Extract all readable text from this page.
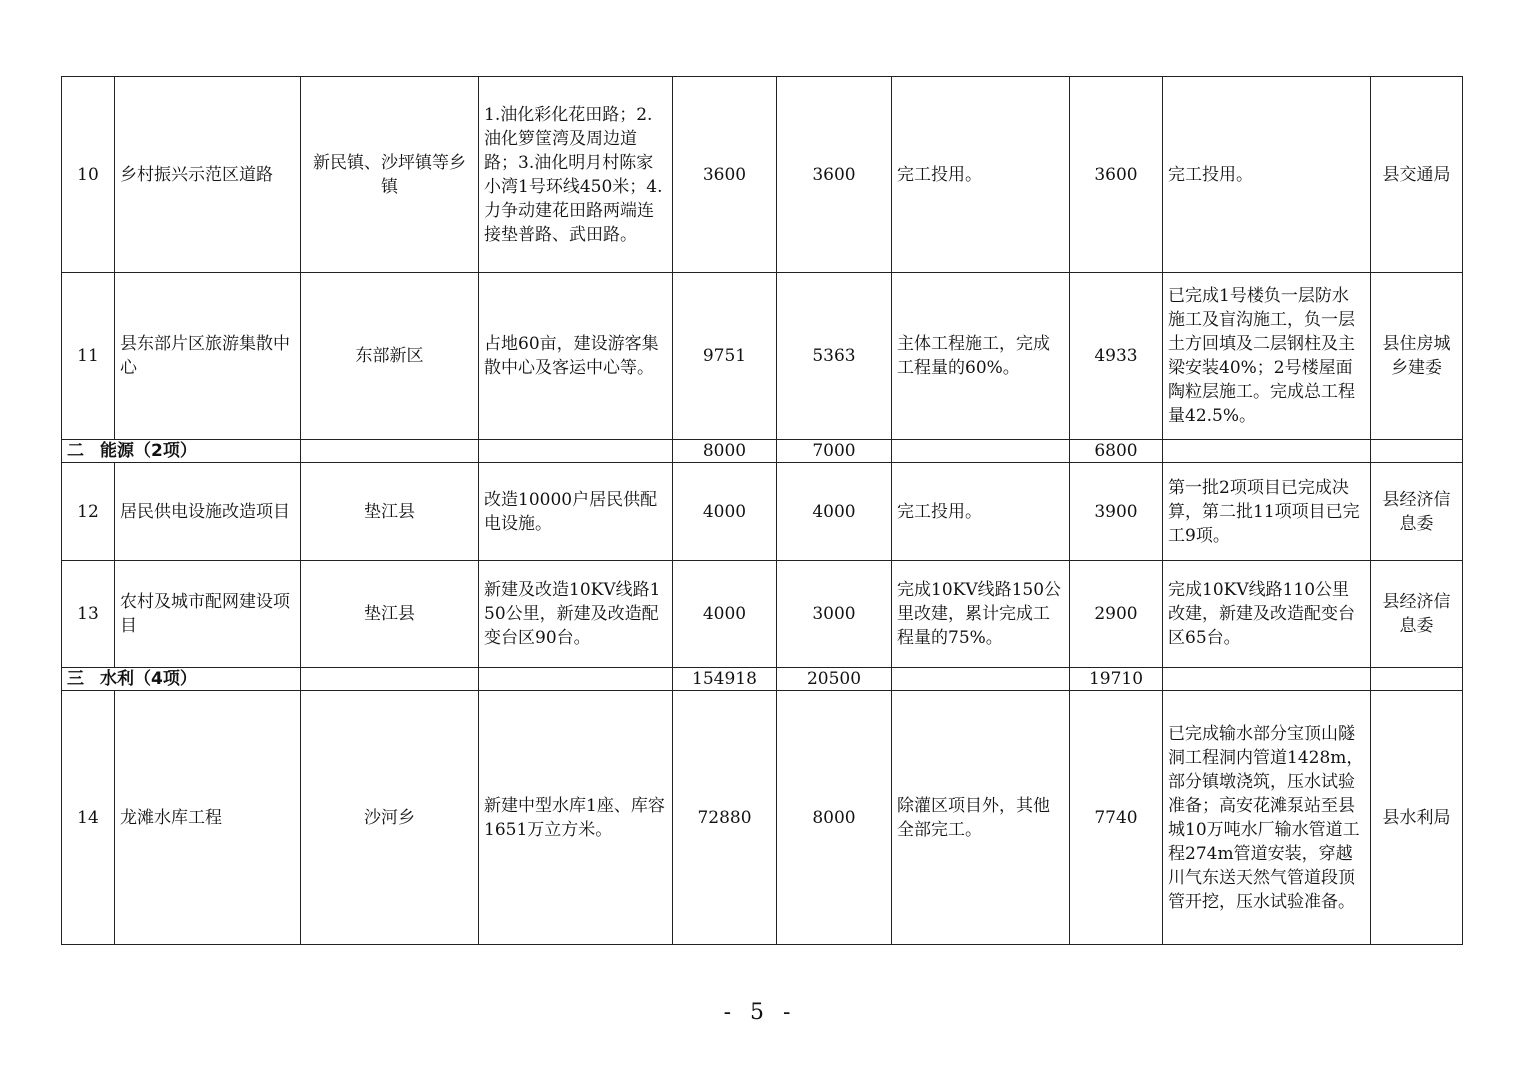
10	乡村振兴示范区道路	新民镇、沙坪镇等乡镇	1.油化彩化花田路；2.油化箩筐湾及周边道路；3.油化明月村陈家小湾1号环线450米；4.力争动建花田路两端连接垫普路、武田路。	3600	3600	完工投用。	3600	完工投用。	县交通局
11	县东部片区旅游集散中心	东部新区	占地60亩，建设游客集散中心及客运中心等。	9751	5363	主体工程施工，完成工程量的60%。	4933	已完成1号楼负一层防水施工及盲沟施工，负一层土方回填及二层钢柱及主梁安装40%；2号楼屋面陶粒层施工。完成总工程量42.5%。	县住房城乡建委
二 能源（2项）				8000	7000		6800		
12	居民供电设施改造项目	垫江县	改造10000户居民供配电设施。	4000	4000	完工投用。	3900	第一批2项项目已完成决算，第二批11项项目已完工9项。	县经济信息委
13	农村及城市配网建设项目	垫江县	新建及改造10KV线路150公里，新建及改造配变台区90台。	4000	3000	完成10KV线路150公里改建，累计完成工程量的75%。	2900	完成10KV线路110公里改建，新建及改造配变台区65台。	县经济信息委
三 水利（4项）				154918	20500		19710		
14	龙滩水库工程	沙河乡	新建中型水库1座、库容1651万立方米。	72880	8000	除灌区项目外，其他全部完工。	7740	已完成输水部分宝顶山隧洞工程洞内管道1428m，部分镇墩浇筑，压水试验准备；高安花滩泵站至县城10万吨水厂输水管道工程274m管道安装，穿越川气东送天然气管道段顶管开挖，压水试验准备。	县水利局
- 5 -
